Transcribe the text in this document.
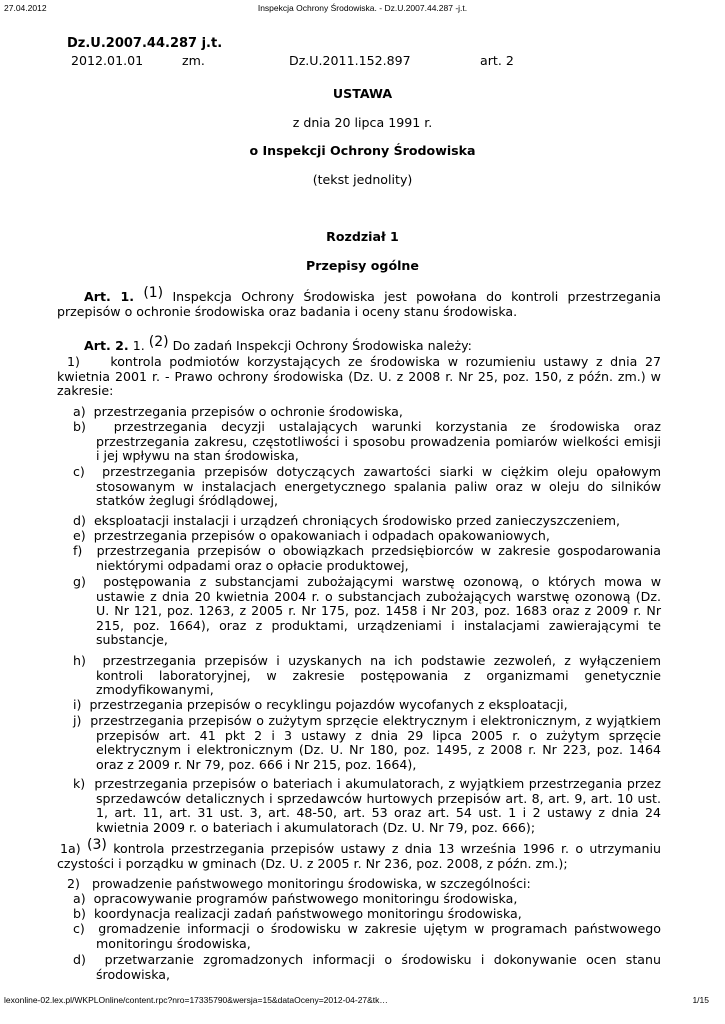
27.04.2012	Inspekcja Ochrony Środowiska. - Dz.U.2007.44.287 -j.t.
Dz.U.2007.44.287 j.t.
2012.01.01	zm.	Dz.U.2011.152.897	art. 2
USTAWA
z dnia 20 lipca 1991 r.
o Inspekcji Ochrony Środowiska
(tekst jednolity)
Rozdział 1
Przepisy ogólne
Art. 1. (1) Inspekcja Ochrony Środowiska jest powołana do kontroli przestrzegania przepisów o ochronie środowiska oraz badania i oceny stanu środowiska.
Art. 2. 1. (2) Do zadań Inspekcji Ochrony Środowiska należy:
1) kontrola podmiotów korzystających ze środowiska w rozumieniu ustawy z dnia 27 kwietnia 2001 r. - Prawo ochrony środowiska (Dz. U. z 2008 r. Nr 25, poz. 150, z późn. zm.) w zakresie:
a) przestrzegania przepisów o ochronie środowiska,
b) przestrzegania decyzji ustalających warunki korzystania ze środowiska oraz przestrzegania zakresu, częstotliwości i sposobu prowadzenia pomiarów wielkości emisji i jej wpływu na stan środowiska,
c) przestrzegania przepisów dotyczących zawartości siarki w ciężkim oleju opałowym stosowanym w instalacjach energetycznego spalania paliw oraz w oleju do silników statków żeglugi śródlądowej,
d) eksploatacji instalacji i urządzeń chroniących środowisko przed zanieczyszczeniem,
e) przestrzegania przepisów o opakowaniach i odpadach opakowaniowych,
f) przestrzegania przepisów o obowiązkach przedsiębiorców w zakresie gospodarowania niektórymi odpadami oraz o opłacie produktowej,
g) postępowania z substancjami zubożającymi warstwę ozonową, o których mowa w ustawie z dnia 20 kwietnia 2004 r. o substancjach zubożających warstwę ozonową (Dz. U. Nr 121, poz. 1263, z 2005 r. Nr 175, poz. 1458 i Nr 203, poz. 1683 oraz z 2009 r. Nr 215, poz. 1664), oraz z produktami, urządzeniami i instalacjami zawierającymi te substancje,
h) przestrzegania przepisów i uzyskanych na ich podstawie zezwoleń, z wyłączeniem kontroli laboratoryjnej, w zakresie postępowania z organizmami genetycznie zmodyfikowanymi,
i) przestrzegania przepisów o recyklingu pojazdów wycofanych z eksploatacji,
j) przestrzegania przepisów o zużytym sprzęcie elektrycznym i elektronicznym, z wyjątkiem przepisów art. 41 pkt 2 i 3 ustawy z dnia 29 lipca 2005 r. o zużytym sprzęcie elektrycznym i elektronicznym (Dz. U. Nr 180, poz. 1495, z 2008 r. Nr 223, poz. 1464 oraz z 2009 r. Nr 79, poz. 666 i Nr 215, poz. 1664),
k) przestrzegania przepisów o bateriach i akumulatorach, z wyjątkiem przestrzegania przez sprzedawców detalicznych i sprzedawców hurtowych przepisów art. 8, art. 9, art. 10 ust. 1, art. 11, art. 31 ust. 3, art. 48-50, art. 53 oraz art. 54 ust. 1 i 2 ustawy z dnia 24 kwietnia 2009 r. o bateriach i akumulatorach (Dz. U. Nr 79, poz. 666);
1a) (3) kontrola przestrzegania przepisów ustawy z dnia 13 września 1996 r. o utrzymaniu czystości i porządku w gminach (Dz. U. z 2005 r. Nr 236, poz. 2008, z późn. zm.);
2) prowadzenie państwowego monitoringu środowiska, w szczególności:
a) opracowywanie programów państwowego monitoringu środowiska,
b) koordynacja realizacji zadań państwowego monitoringu środowiska,
c) gromadzenie informacji o środowisku w zakresie ujętym w programach państwowego monitoringu środowiska,
d) przetwarzanie zgromadzonych informacji o środowisku i dokonywanie ocen stanu środowiska,
lexonline-02.lex.pl/WKPLOnline/content.rpc?nro=17335790&wersja=15&dataOceny=2012-04-27&tk…	1/15
